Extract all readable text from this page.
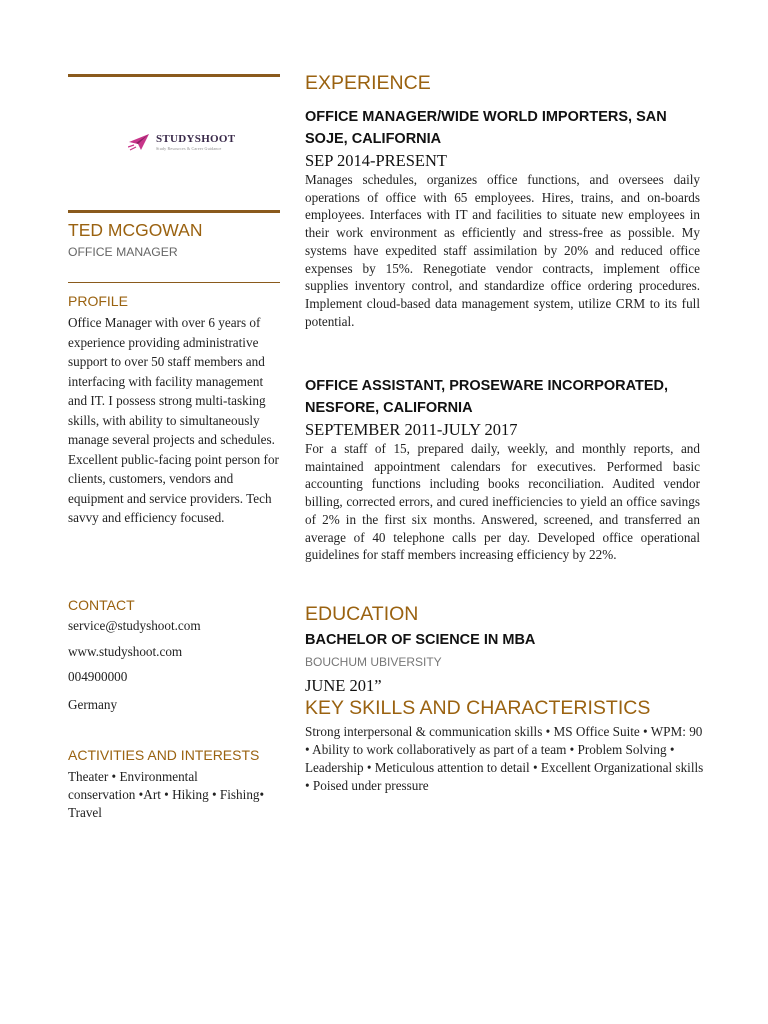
STUDYSHOOT
Study Resources & Career Guidance
TED MCGOWAN
OFFICE MANAGER
PROFILE
Office Manager with over 6 years of experience providing administrative support to over 50 staff members and interfacing with facility management and IT. I possess strong multi-tasking skills, with ability to simultaneously manage several projects and schedules. Excellent public-facing point person for clients, customers, vendors and equipment and service providers. Tech savvy and efficiency focused.
CONTACT
service@studyshoot.com
www.studyshoot.com
004900000
Germany
ACTIVITIES AND INTERESTS
Theater • Environmental conservation •Art • Hiking • Fishing• Travel
EXPERIENCE
OFFICE MANAGER/WIDE WORLD IMPORTERS, SAN SOJE, CALIFORNIA
SEP 2014-PRESENT
Manages schedules, organizes office functions, and oversees daily operations of office with 65 employees. Hires, trains, and on-boards employees. Interfaces with IT and facilities to situate new employees in their work environment as efficiently and stress-free as possible. My systems have expedited staff assimilation by 20% and reduced office expenses by 15%. Renegotiate vendor contracts, implement office supplies inventory control, and standardize office ordering procedures. Implement cloud-based data management system, utilize CRM to its full potential.
OFFICE ASSISTANT, PROSEWARE INCORPORATED, NESFORE, CALIFORNIA
SEPTEMBER 2011-JULY 2017
For a staff of 15, prepared daily, weekly, and monthly reports, and maintained appointment calendars for executives. Performed basic accounting functions including books reconciliation. Audited vendor billing, corrected errors, and cured inefficiencies to yield an office savings of 2% in the first six months. Answered, screened, and transferred an average of 40 telephone calls per day. Developed office operational guidelines for staff members increasing efficiency by 22%.
EDUCATION
BACHELOR OF SCIENCE IN MBA
BOUCHUM UBIVERSITY
JUNE 201”
KEY SKILLS AND CHARACTERISTICS
Strong interpersonal & communication skills • MS Office Suite • WPM: 90 • Ability to work collaboratively as part of a team • Problem Solving • Leadership • Meticulous attention to detail • Excellent Organizational skills • Poised under pressure
